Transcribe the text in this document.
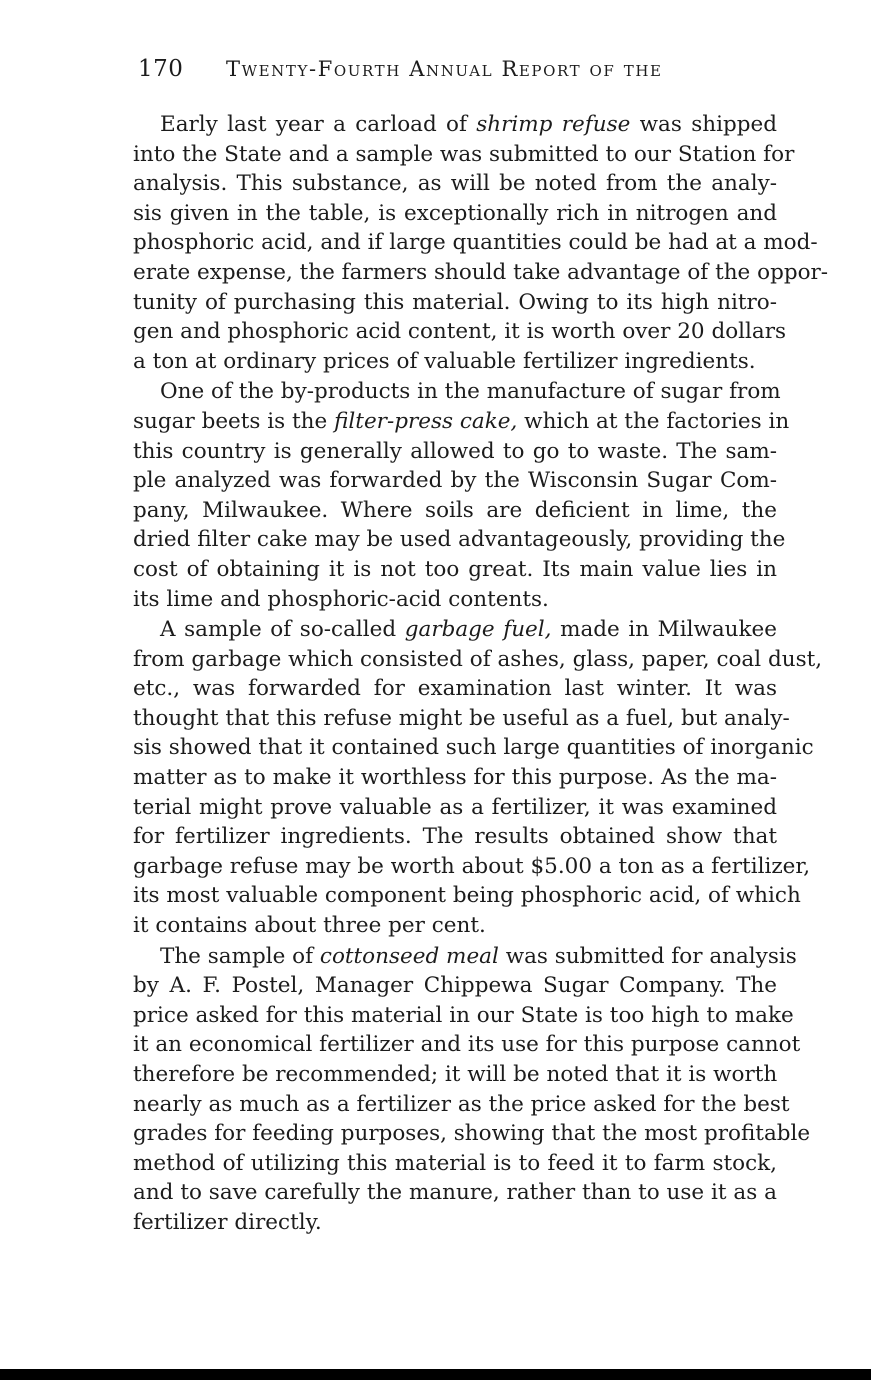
170 Twenty-Fourth Annual Report of the

Early last year a carload of shrimp refuse was shipped
into the State and a sample was submitted to our Station for
analysis. This substance, as will be noted from the analy-
sis given in the table, is exceptionally rich in nitrogen and
phosphoric acid, and if large quantities could be had at a mod-
erate expense, the farmers should take advantage of the oppor-
tunity of purchasing this material. Owing to its high nitro-
gen and phosphoric acid content, it is worth over 20 dollars
a ton at ordinary prices of valuable fertilizer ingredients.

One of the by-products in the manufacture of sugar from
sugar beets is the filter-press cake, which at the factories in
this country is generally allowed to go to waste. The sam-
ple analyzed was forwarded by the Wisconsin Sugar Com-
pany, Milwaukee. Where soils are deficient in lime, the
dried filter cake may be used advantageously, providing the
cost of obtaining it is not too great. Its main value lies in
its lime and phosphoric-acid contents.

A sample of so-called garbage fuel, made in Milwaukee
from garbage which consisted of ashes, glass, paper, coal dust,
etc., was forwarded for examination last winter. It was
thought that this refuse might be useful as a fuel, but analy-
sis showed that it contained such large quantities of inorganic
matter as to make it worthless for this purpose. As the ma-
terial might prove valuable as a fertilizer, it was examined
for fertilizer ingredients. The results obtained show that
garbage refuse may be worth about $5.00 a ton as a fertilizer,
its most valuable component being phosphoric acid, of which
it contains about three per cent.

The sample of cottonseed meal was submitted for analysis
by A. F. Postel, Manager Chippewa Sugar Company. The
price asked for this material in our State is too high to make
it an economical fertilizer and its use for this purpose cannot
therefore be recommended; it will be noted that it is worth
nearly as much as a fertilizer as the price asked for the best
grades for feeding purposes, showing that the most profitable
method of utilizing this material is to feed it to farm stock,
and to save carefully the manure, rather than to use it as a
fertilizer directly.
